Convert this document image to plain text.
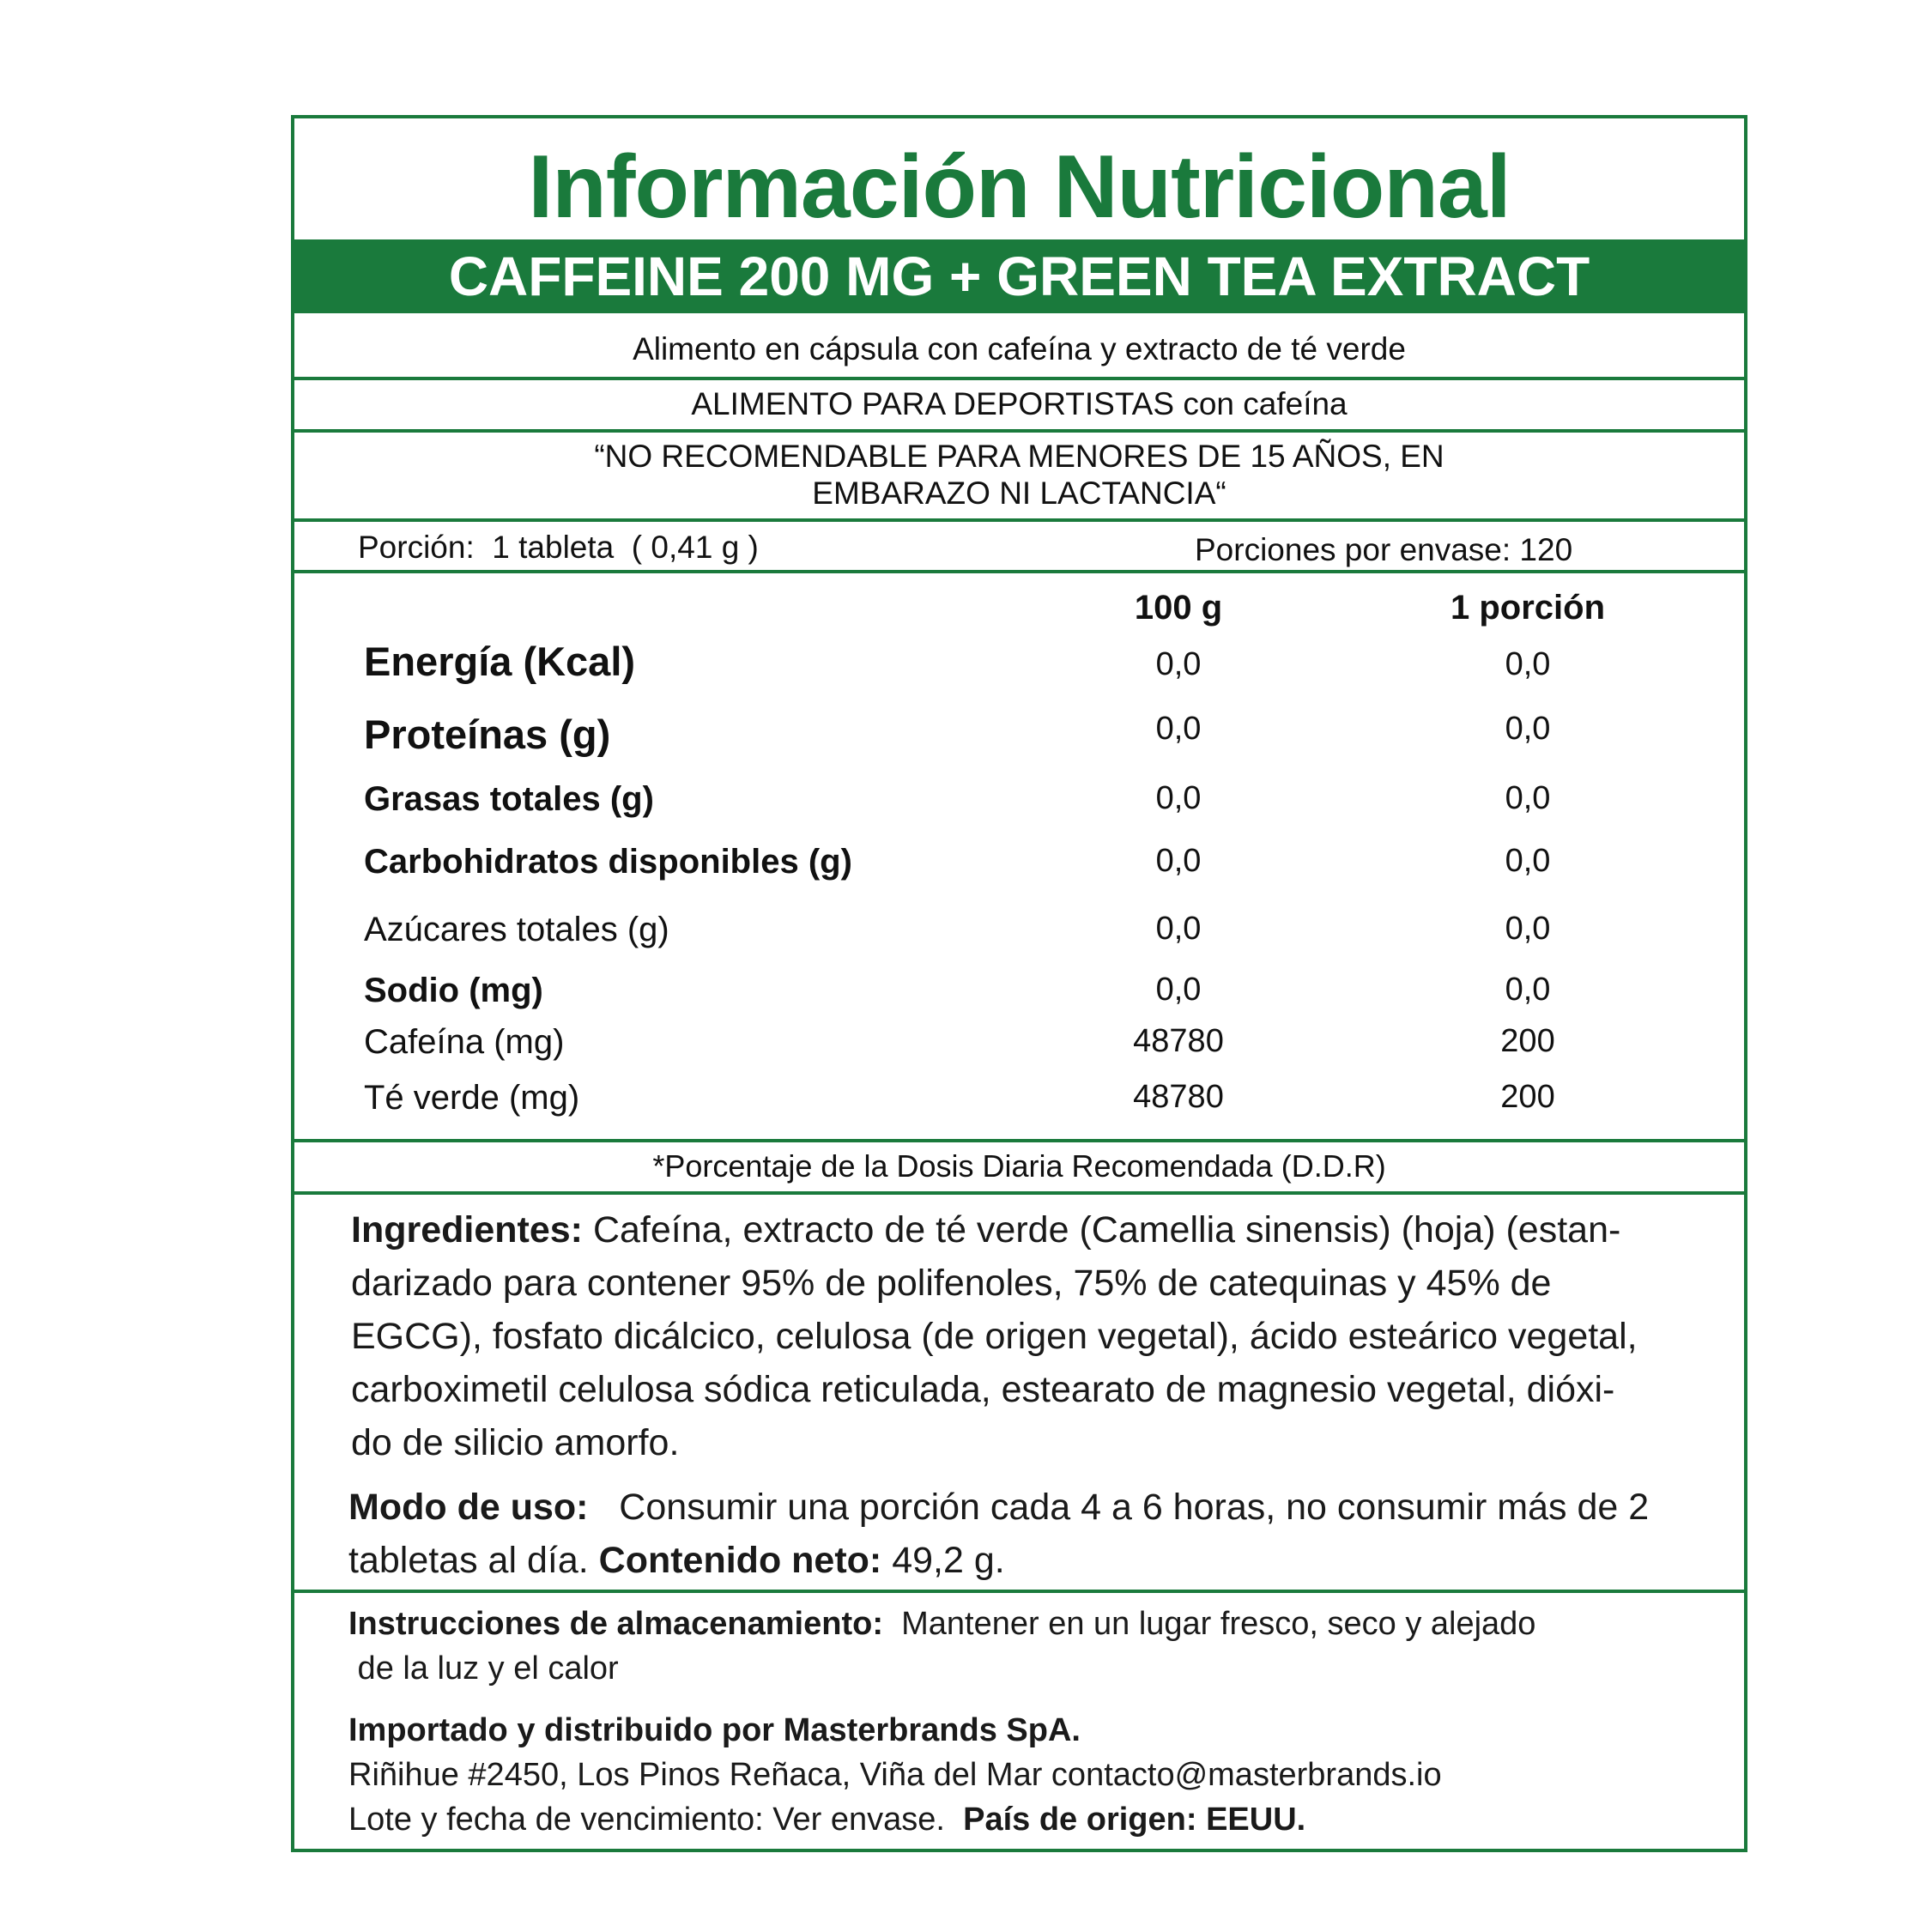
Información Nutricional
CAFFEINE 200 MG + GREEN TEA EXTRACT
Alimento en cápsula con cafeína y extracto de té verde
ALIMENTO PARA DEPORTISTAS con cafeína
“NO RECOMENDABLE PARA MENORES DE 15 AÑOS, EN
EMBARAZO NI LACTANCIA“
Porción:  1 tableta  ( 0,41 g )	Porciones por envase: 120
100 g	1 porción
Energía (Kcal)	0,0	0,0
Proteínas (g)	0,0	0,0
Grasas totales (g)	0,0	0,0
Carbohidratos disponibles (g)	0,0	0,0
Azúcares totales (g)	0,0	0,0
Sodio (mg)	0,0	0,0
Cafeína (mg)	48780	200
Té verde (mg)	48780	200
*Porcentaje de la Dosis Diaria Recomendada (D.D.R)
Ingredientes: Cafeína, extracto de té verde (Camellia sinensis) (hoja) (estan-
darizado para contener 95% de polifenoles, 75% de catequinas y 45% de
EGCG), fosfato dicálcico, celulosa (de origen vegetal), ácido esteárico vegetal,
carboximetil celulosa sódica reticulada, estearato de magnesio vegetal, dióxi-
do de silicio amorfo.
Modo de uso:   Consumir una porción cada 4 a 6 horas, no consumir más de 2
tabletas al día. Contenido neto: 49,2 g.
Instrucciones de almacenamiento:  Mantener en un lugar fresco, seco y alejado
de la luz y el calor
Importado y distribuido por Masterbrands SpA.
Riñihue #2450, Los Pinos Reñaca, Viña del Mar contacto@masterbrands.io
Lote y fecha de vencimiento: Ver envase.  País de origen: EEUU.
